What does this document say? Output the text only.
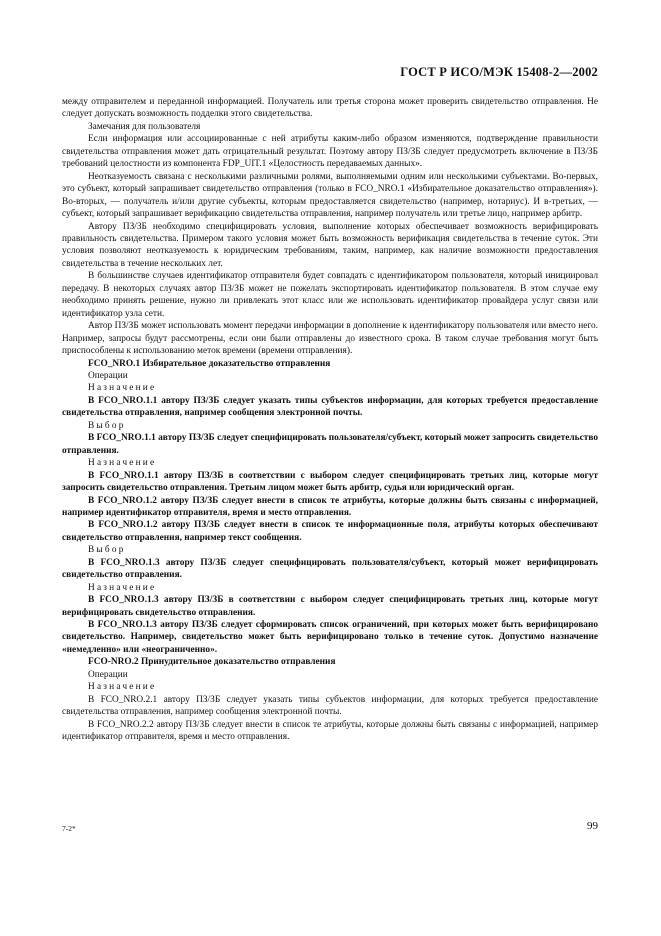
ГОСТ Р ИСО/МЭК 15408-2—2002

между отправителем и переданной информацией. Получатель или третья сторона может проверить свидетельство отправления. Не следует допускать возможность подделки этого свидетельства.

Замечания для пользователя

Если информация или ассоциированные с ней атрибуты каким-либо образом изменяются, подтверждение правильности свидетельства отправления может дать отрицательный результат. Поэтому автору ПЗ/ЗБ следует предусмотреть включение в ПЗ/ЗБ требований целостности из компонента FDP_UIT.1 «Целостность передаваемых данных».

Неотказуемость связана с несколькими различными ролями, выполняемыми одним или несколькими субъектами. Во-первых, это субъект, который запрашивает свидетельство отправления (только в FCO_NRO.1 «Избирательное доказательство отправления»). Во-вторых, — получатель и/или другие субъекты, которым предоставляется свидетельство (например, нотариус). И в-третьих, — субъект, который запрашивает верификацию свидетельства отправления, например получатель или третье лицо, например арбитр.

Автору ПЗ/ЗБ необходимо специфицировать условия, выполнение которых обеспечивает возможность верифицировать правильность свидетельства. Примером такого условия может быть возможность верификация свидетельства в течение суток. Эти условия позволяют неотказуемость к юридическим требованиям, таким, например, как наличие возможности предоставления свидетельства в течение нескольких лет.

В большинстве случаев идентификатор отправителя будет совпадать с идентификатором пользователя, который инициировал передачу. В некоторых случаях автор ПЗ/ЗБ может не пожелать экспортировать идентификатор пользователя. В этом случае ему необходимо принять решение, нужно ли привлекать этот класс или же использовать идентификатор провайдера услуг связи или идентификатор узла сети.

Автор ПЗ/ЗБ может использовать момент передачи информации в дополнение к идентификатору пользователя или вместо него. Например, запросы будут рассмотрены, если они были отправлены до известного срока. В таком случае требования могут быть приспособлены к использованию меток времени (времени отправления).

FCO_NRO.1 Избирательное доказательство отправления

Операции

Назначение

В FCO_NRO.1.1 автору ПЗ/ЗБ следует указать типы субъектов информации, для которых требуется предоставление свидетельства отправления, например сообщения электронной почты.

Выбор

В FCO_NRO.1.1 автору ПЗ/ЗБ следует специфицировать пользователя/субъект, который может запросить свидетельство отправления.

Назначение

В FCO_NRO.1.1 автору ПЗ/ЗБ в соответствии с выбором следует специфицировать третьих лиц, которые могут запросить свидетельство отправления. Третьим лицом может быть арбитр, судья или юридический орган.

В FCO_NRO.1.2 автору ПЗ/ЗБ следует внести в список те атрибуты, которые должны быть связаны с информацией, например идентификатор отправителя, время и место отправления.

В FCO_NRO.1.2 автору ПЗ/ЗБ следует внести в список те информационные поля, атрибуты которых обеспечивают свидетельство отправления, например текст сообщения.

Выбор

В FCO_NRO.1.3 автору ПЗ/ЗБ следует специфицировать пользователя/субъект, который может верифицировать свидетельство отправления.

Назначение

В FCO_NRO.1.3 автору ПЗ/ЗБ в соответствии с выбором следует специфицировать третьих лиц, которые могут верифицировать свидетельство отправления.

В FCO_NRO.1.3 автору ПЗ/ЗБ следует сформировать список ограничений, при которых может быть верифицировано свидетельство. Например, свидетельство может быть верифицировано только в течение суток. Допустимо назначение «немедленно» или «неограниченно».

FCO-NRO.2 Принудительное доказательство отправления

Операции

Назначение

В FCO_NRO.2.1 автору ПЗ/ЗБ следует указать типы субъектов информации, для которых требуется предоставление свидетельства отправления, например сообщения электронной почты.

В FCO_NRO.2.2 автору ПЗ/ЗБ следует внести в список те атрибуты, которые должны быть связаны с информацией, например идентификатор отправителя, время и место отправления.

7-2*	99
